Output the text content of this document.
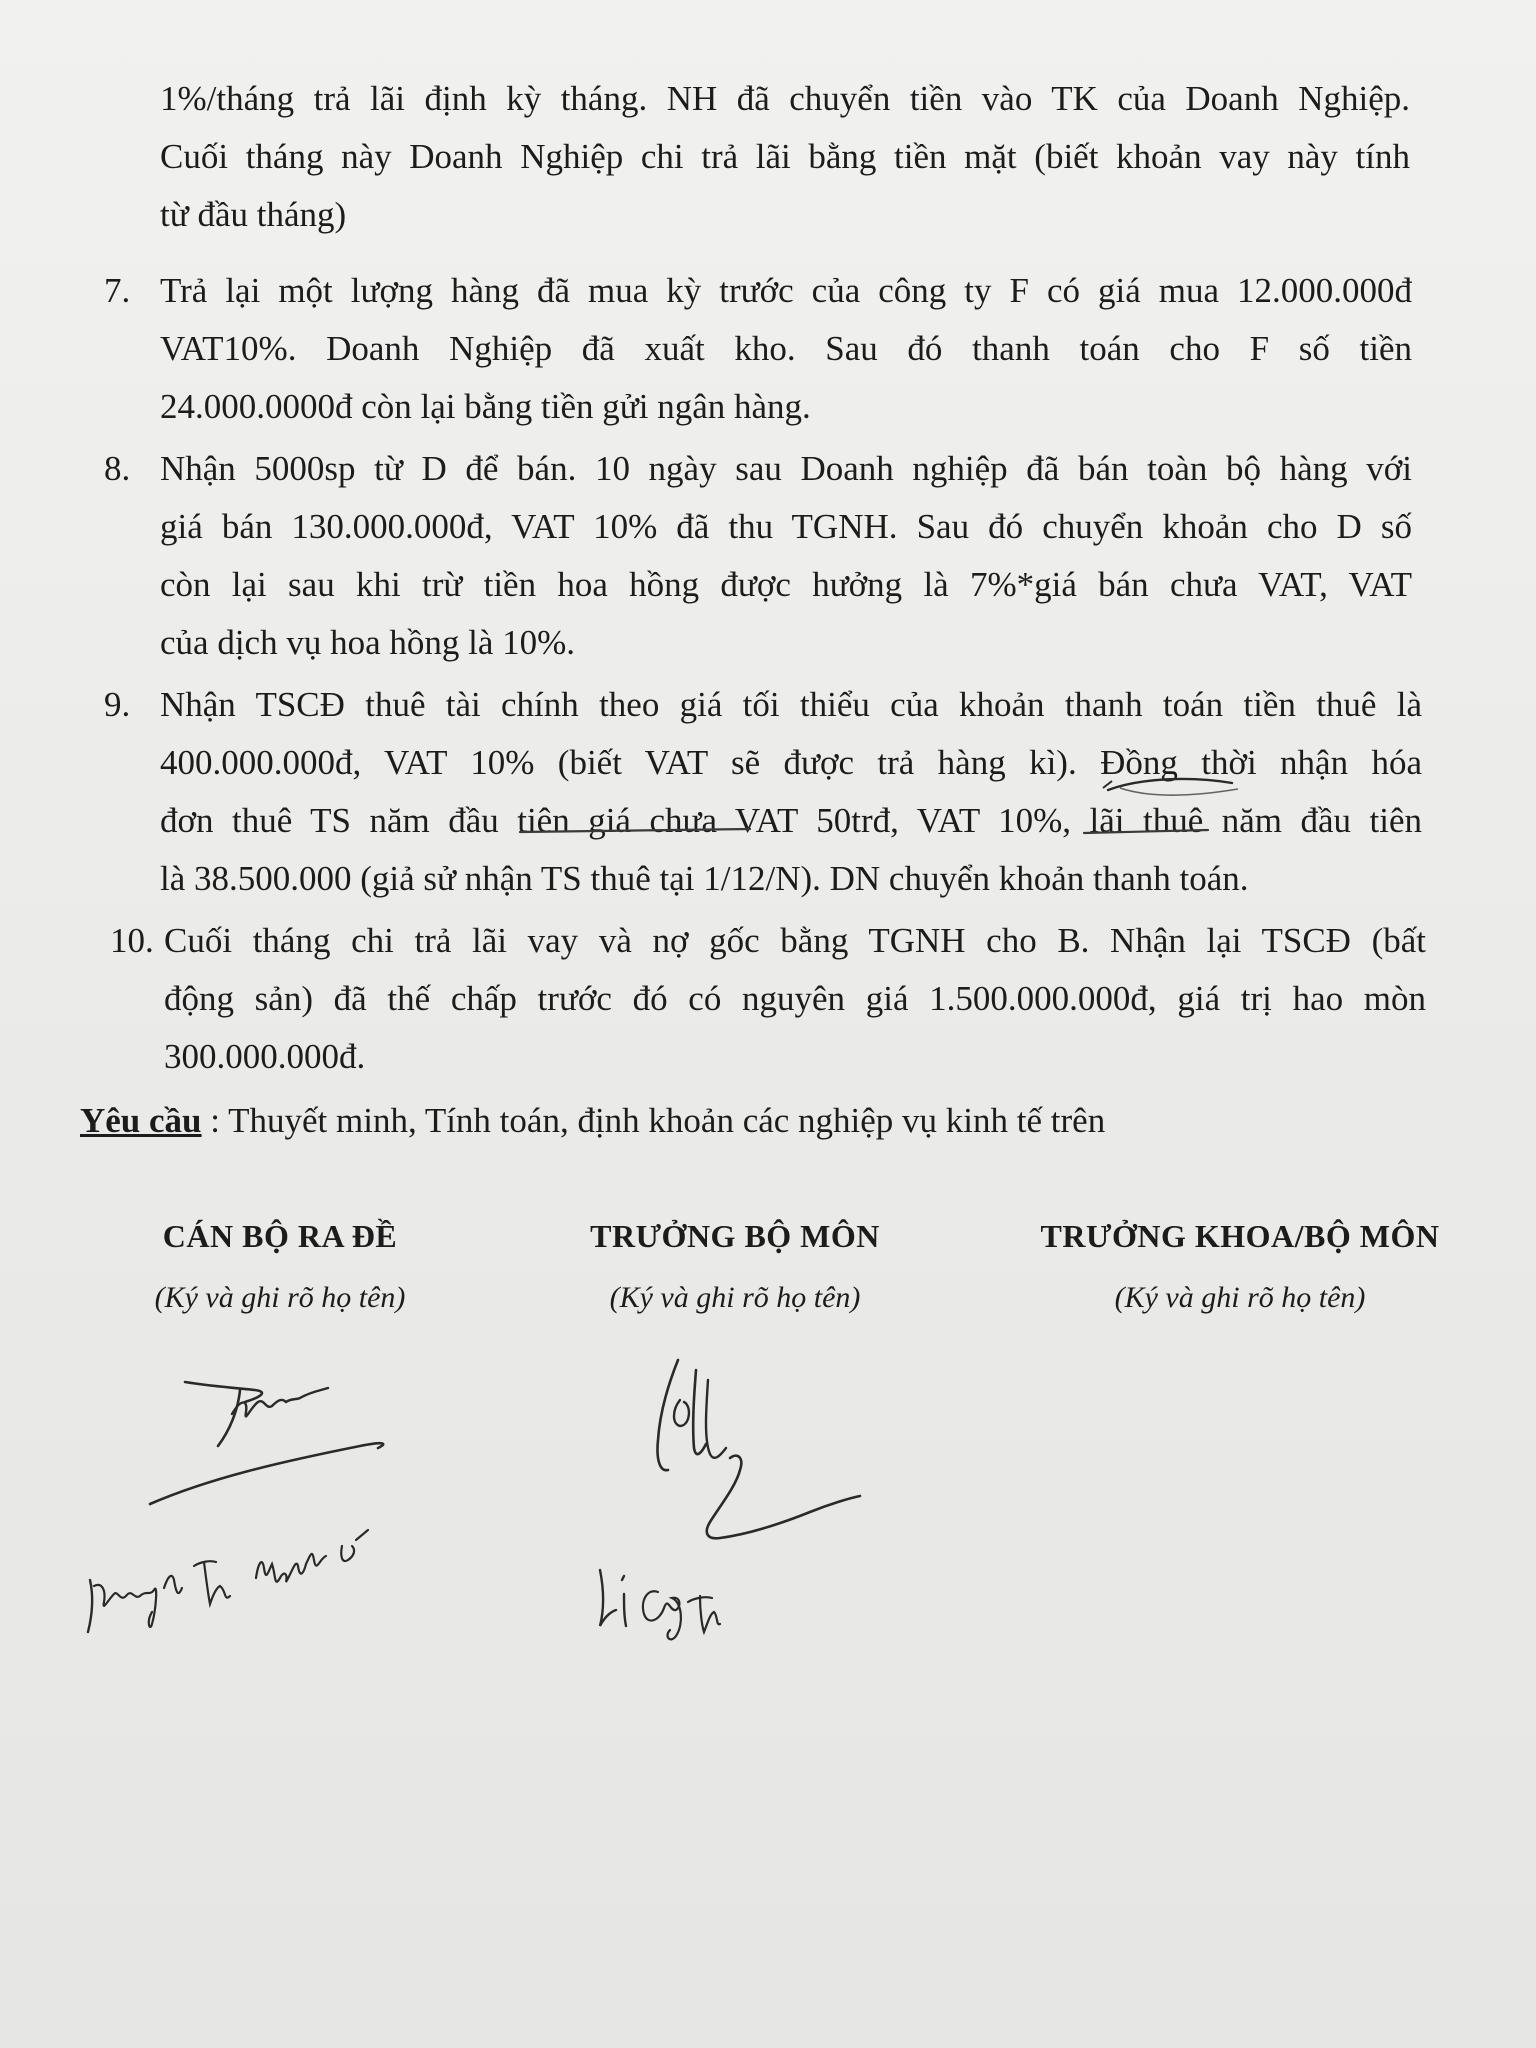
1%/tháng trả lãi định kỳ tháng. NH đã chuyển tiền vào TK của Doanh Nghiệp.
Cuối tháng này Doanh Nghiệp chi trả lãi bằng tiền mặt (biết khoản vay này tính
từ đầu tháng)
7. Trả lại một lượng hàng đã mua kỳ trước của công ty F có giá mua 12.000.000đ
VAT10%. Doanh Nghiệp đã xuất kho. Sau đó thanh toán cho F số tiền
24.000.0000đ còn lại bằng tiền gửi ngân hàng.
8. Nhận 5000sp từ D để bán. 10 ngày sau Doanh nghiệp đã bán toàn bộ hàng với
giá bán 130.000.000đ, VAT 10% đã thu TGNH. Sau đó chuyển khoản cho D số
còn lại sau khi trừ tiền hoa hồng được hưởng là 7%*giá bán chưa VAT, VAT
của dịch vụ hoa hồng là 10%.
9. Nhận TSCĐ thuê tài chính theo giá tối thiểu của khoản thanh toán tiền thuê là
400.000.000đ, VAT 10% (biết VAT sẽ được trả hàng kì). Đồng thời nhận hóa
đơn thuê TS năm đầu tiên giá chưa VAT 50trđ, VAT 10%, lãi thuê năm đầu tiên
là 38.500.000 (giả sử nhận TS thuê tại 1/12/N). DN chuyển khoản thanh toán.
10. Cuối tháng chi trả lãi vay và nợ gốc bằng TGNH cho B. Nhận lại TSCĐ (bất
động sản) đã thế chấp trước đó có nguyên giá 1.500.000.000đ, giá trị hao mòn
300.000.000đ.
Yêu cầu : Thuyết minh, Tính toán, định khoản các nghiệp vụ kinh tế trên
CÁN BỘ RA ĐỀ
(Ký và ghi rõ họ tên)
TRƯỞNG BỘ MÔN
(Ký và ghi rõ họ tên)
TRƯỞNG KHOA/BỘ MÔN
(Ký và ghi rõ họ tên)
